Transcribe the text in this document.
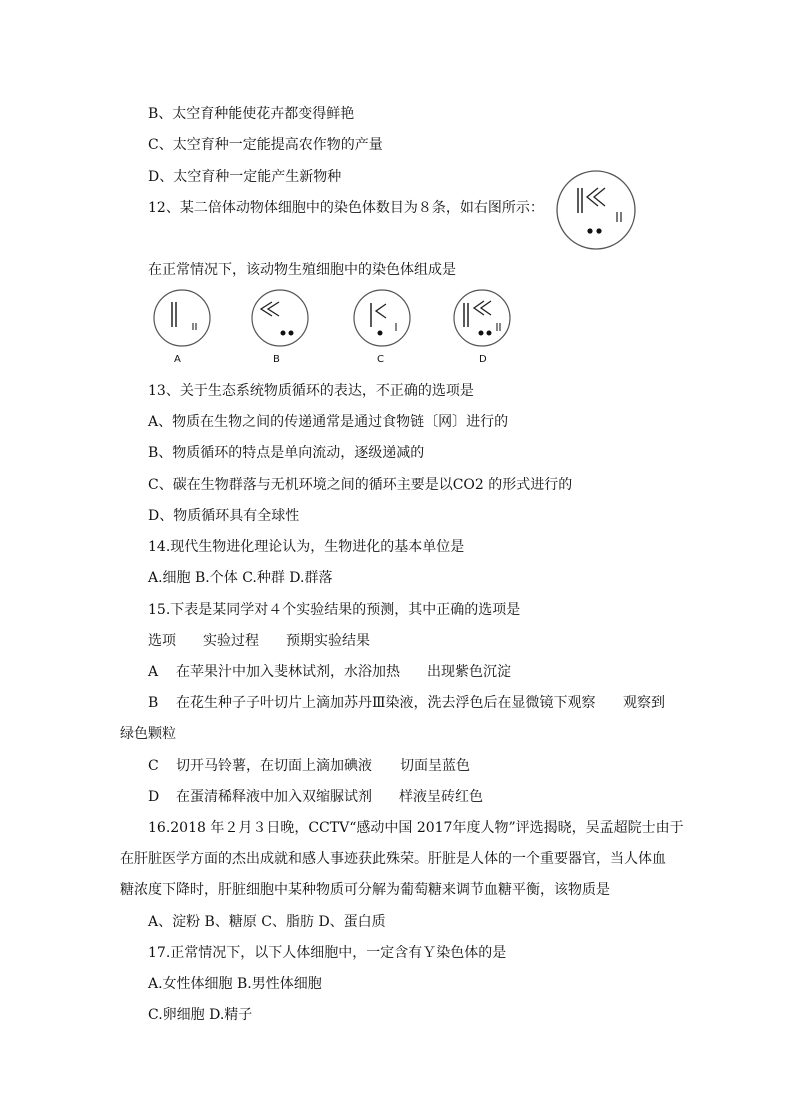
B、太空育种能使花卉都变得鲜艳
C、太空育种一定能提高农作物的产量
D、太空育种一定能产生新物种
12、某二倍体动物体细胞中的染色体数目为８条，如右图所示：
在正常情况下，该动物生殖细胞中的染色体组成是
A	B	C	D
13、关于生态系统物质循环的表达，不正确的选项是
A、物质在生物之间的传递通常是通过食物链〔网〕进行的
B、物质循环的特点是单向流动，逐级递减的
C、碳在生物群落与无机环境之间的循环主要是以CO2 的形式进行的
D、物质循环具有全球性
14.现代生物进化理论认为，生物进化的基本单位是
A.细胞 B.个体 C.种群 D.群落
15.下表是某同学对４个实验结果的预测，其中正确的选项是
选项 实验过程 预期实验结果
A 在苹果汁中加入斐林试剂，水浴加热 出现紫色沉淀
B 在花生种子子叶切片上滴加苏丹Ⅲ染液，洗去浮色后在显微镜下观察 观察到
绿色颗粒
C 切开马铃薯，在切面上滴加碘液 切面呈蓝色
D 在蛋清稀释液中加入双缩脲试剂 样液呈砖红色
16.2018 年２月３日晚，CCTV“感动中国 2017年度人物”评选揭晓，吴孟超院士由于
在肝脏医学方面的杰出成就和感人事迹获此殊荣。肝脏是人体的一个重要器官，当人体血
糖浓度下降时，肝脏细胞中某种物质可分解为葡萄糖来调节血糖平衡，该物质是
A、淀粉 B、糖原 C、脂肪 D、蛋白质
17.正常情况下，以下人体细胞中，一定含有Ｙ染色体的是
A.女性体细胞 B.男性体细胞
C.卵细胞 D.精子
